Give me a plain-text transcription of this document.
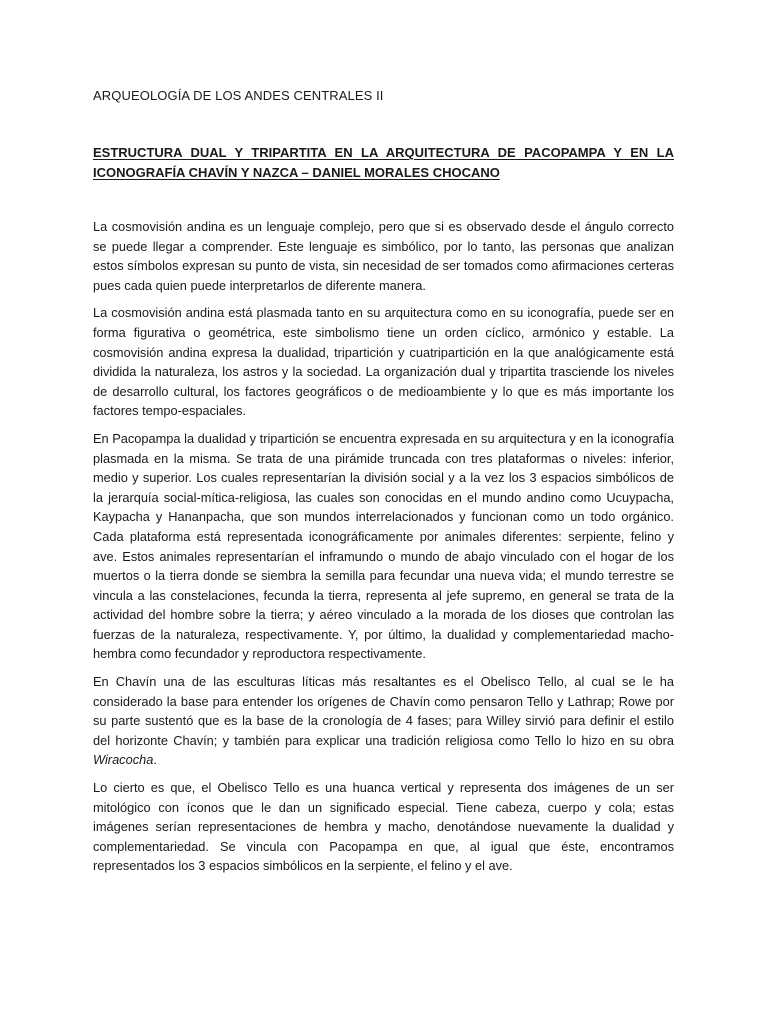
ARQUEOLOGÍA DE LOS ANDES CENTRALES II

ESTRUCTURA DUAL Y TRIPARTITA EN LA ARQUITECTURA DE PACOPAMPA Y EN LA ICONOGRAFÍA CHAVÍN Y NAZCA – DANIEL MORALES CHOCANO

La cosmovisión andina es un lenguaje complejo, pero que si es observado desde el ángulo correcto se puede llegar a comprender. Este lenguaje es simbólico, por lo tanto, las personas que analizan estos símbolos expresan su punto de vista, sin necesidad de ser tomados como afirmaciones certeras pues cada quien puede interpretarlos de diferente manera.

La cosmovisión andina está plasmada tanto en su arquitectura como en su iconografía, puede ser en forma figurativa o geométrica, este simbolismo tiene un orden cíclico, armónico y estable. La cosmovisión andina expresa la dualidad, tripartición y cuatripartición en la que analógicamente está dividida la naturaleza, los astros y la sociedad. La organización dual y tripartita trasciende los niveles de desarrollo cultural, los factores geográficos o de medioambiente y lo que es más importante los factores tempo-espaciales.

En Pacopampa la dualidad y tripartición se encuentra expresada en su arquitectura y en la iconografía plasmada en la misma. Se trata de una pirámide truncada con tres plataformas o niveles: inferior, medio y superior. Los cuales representarían la división social y a la vez los 3 espacios simbólicos de la jerarquía social-mítica-religiosa, las cuales son conocidas en el mundo andino como Ucuypacha, Kaypacha y Hananpacha, que son mundos interrelacionados y funcionan como un todo orgánico. Cada plataforma está representada iconográficamente por animales diferentes: serpiente, felino y ave. Estos animales representarían el inframundo o mundo de abajo vinculado con el hogar de los muertos o la tierra donde se siembra la semilla para fecundar una nueva vida; el mundo terrestre se vincula a las constelaciones, fecunda la tierra, representa al jefe supremo, en general se trata de la actividad del hombre sobre la tierra; y aéreo vinculado a la morada de los dioses que controlan las fuerzas de la naturaleza, respectivamente. Y, por último, la dualidad y complementariedad macho-hembra como fecundador y reproductora respectivamente.

En Chavín una de las esculturas líticas más resaltantes es el Obelisco Tello, al cual se le ha considerado la base para entender los orígenes de Chavín como pensaron Tello y Lathrap; Rowe por su parte sustentó que es la base de la cronología de 4 fases; para Willey sirvió para definir el estilo del horizonte Chavín; y también para explicar una tradición religiosa como Tello lo hizo en su obra Wiracocha.

Lo cierto es que, el Obelisco Tello es una huanca vertical y representa dos imágenes de un ser mitológico con íconos que le dan un significado especial. Tiene cabeza, cuerpo y cola; estas imágenes serían representaciones de hembra y macho, denotándose nuevamente la dualidad y complementariedad. Se vincula con Pacopampa en que, al igual que éste, encontramos representados los 3 espacios simbólicos en la serpiente, el felino y el ave.
